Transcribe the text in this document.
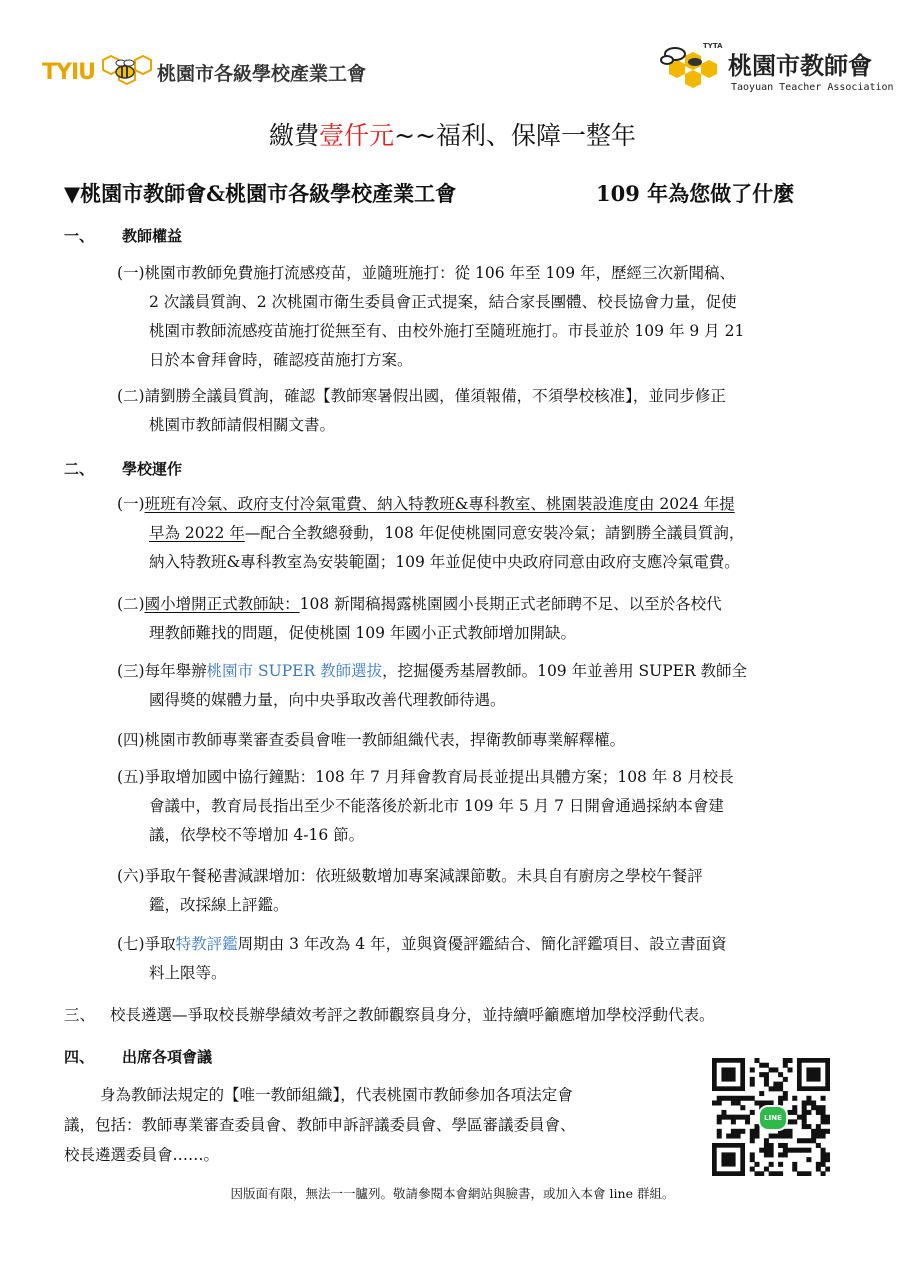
TYIU	桃園市各級學校產業工會
TYTA
桃園市教師會
Taoyuan Teacher Association
繳費壹仟元~~福利、保障一整年
▼桃園市教師會&桃園市各級學校產業工會	109 年為您做了什麼
一、 教師權益
(一)桃園市教師免費施打流感疫苗，並隨班施打：從 106 年至 109 年，歷經三次新聞稿、
2 次議員質詢、2 次桃園市衛生委員會正式提案，結合家長團體、校長協會力量，促使
桃園市教師流感疫苗施打從無至有、由校外施打至隨班施打。市長並於 109 年 9 月 21
日於本會拜會時，確認疫苗施打方案。
(二)請劉勝全議員質詢，確認【教師寒暑假出國，僅須報備，不須學校核准】，並同步修正
桃園市教師請假相關文書。
二、 學校運作
(一)班班有冷氣、政府支付冷氣電費、納入特教班&專科教室、桃園裝設進度由 2024 年提
早為 2022 年—配合全教總發動，108 年促使桃園同意安裝冷氣；請劉勝全議員質詢，
納入特教班&專科教室為安裝範圍；109 年並促使中央政府同意由政府支應冷氣電費。
(二)國小增開正式教師缺：108 新聞稿揭露桃園國小長期正式老師聘不足、以至於各校代
理教師難找的問題，促使桃園 109 年國小正式教師增加開缺。
(三)每年舉辦桃園市 SUPER 教師選拔，挖掘優秀基層教師。109 年並善用 SUPER 教師全
國得獎的媒體力量，向中央爭取改善代理教師待遇。
(四)桃園市教師專業審查委員會唯一教師組織代表，捍衛教師專業解釋權。
(五)爭取增加國中協行鐘點：108 年 7 月拜會教育局長並提出具體方案；108 年 8 月校長
會議中，教育局長指出至少不能落後於新北市 109 年 5 月 7 日開會通過採納本會建
議，依學校不等增加 4-16 節。
(六)爭取午餐秘書減課增加：依班級數增加專案減課節數。未具自有廚房之學校午餐評
鑑，改採線上評鑑。
(七)爭取特教評鑑周期由 3 年改為 4 年，並與資優評鑑結合、簡化評鑑項目、設立書面資
料上限等。
三、 校長遴選—爭取校長辦學績效考評之教師觀察員身分，並持續呼籲應增加學校浮動代表。
四、 出席各項會議
身為教師法規定的【唯一教師組織】，代表桃園市教師參加各項法定會
議，包括：教師專業審查委員會、教師申訴評議委員會、學區審議委員會、
校長遴選委員會……。
LINE
因版面有限，無法一一臚列。敬請參閱本會網站與臉書，或加入本會 line 群組。
